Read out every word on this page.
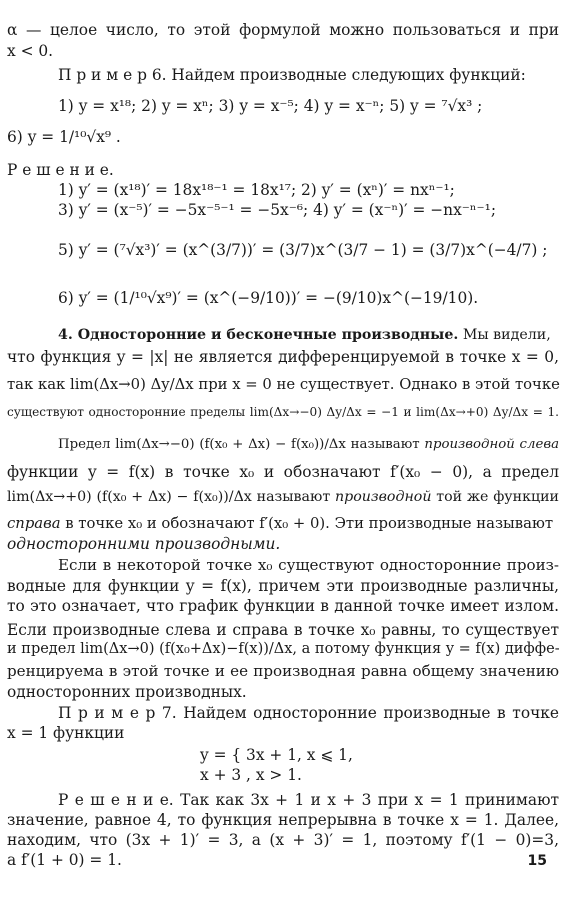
α — целое число, то этой формулой можно пользоваться и при
x < 0.
П р и м е р 6. Найдем производные следующих функций:
1) y = x¹⁸; 2) y = xⁿ; 3) y = x⁻⁵; 4) y = x⁻ⁿ; 5) y = ⁷√x³ ;
6) y = 1/¹⁰√x⁹ .
Р е ш е н и е.
1) y′ = (x¹⁸)′ = 18x¹⁸⁻¹ = 18x¹⁷; 2) y′ = (xⁿ)′ = nxⁿ⁻¹;
3) y′ = (x⁻⁵)′ = −5x⁻⁵⁻¹ = −5x⁻⁶; 4) y′ = (x⁻ⁿ)′ = −nx⁻ⁿ⁻¹;
5) y′ = (⁷√x³)′ = (x^(3/7))′ = (3/7)x^(3/7 − 1) = (3/7)x^(−4/7) ;
6) y′ = (1/¹⁰√x⁹)′ = (x^(−9/10))′ = −(9/10)x^(−19/10).
4. Односторонние и бесконечные производные. Мы видели,
что функция y = |x| не является дифференцируемой в точке x = 0,
так как lim(Δx→0) Δy/Δx при x = 0 не существует. Однако в этой точке
существуют односторонние пределы lim(Δx→−0) Δy/Δx = −1 и lim(Δx→+0) Δy/Δx = 1.
Предел lim(Δx→−0) (f(x₀ + Δx) − f(x₀))/Δx называют производной слева
функции y = f(x) в точке x₀ и обозначают f′(x₀ − 0), а предел
lim(Δx→+0) (f(x₀ + Δx) − f(x₀))/Δx называют производной той же функции
справа в точке x₀ и обозначают f′(x₀ + 0). Эти производные называют
односторонними производными.
Если в некоторой точке x₀ существуют односторонние произ-
водные для функции y = f(x), причем эти производные различны,
то это означает, что график функции в данной точке имеет излом.
Если производные слева и справа в точке x₀ равны, то существует
и предел lim(Δx→0) (f(x₀+Δx)−f(x))/Δx, а потому функция y = f(x) диффе-
ренцируема в этой точке и ее производная равна общему значению
односторонних производных.
П р и м е р 7. Найдем односторонние производные в точке
x = 1 функции
y = { 3x + 1, x ⩽ 1,
x + 3 , x > 1.
Р е ш е н и е. Так как 3x + 1 и x + 3 при x = 1 принимают
значение, равное 4, то функция непрерывна в точке x = 1. Далее,
находим, что (3x + 1)′ = 3, а (x + 3)′ = 1, поэтому f′(1 − 0)=3,
а f′(1 + 0) = 1.	15
